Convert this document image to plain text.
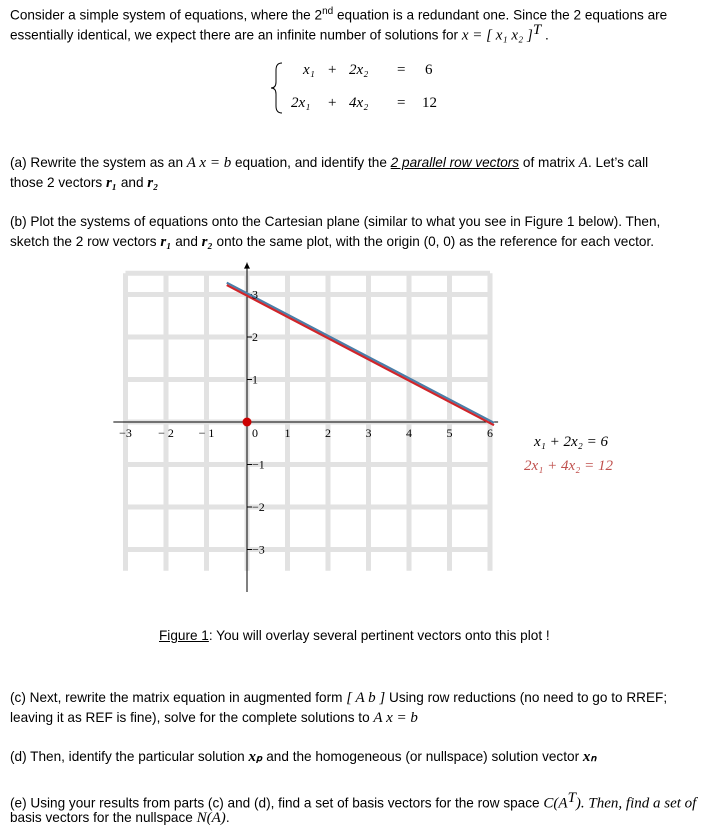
Consider a simple system of equations, where the 2nd equation is a redundant one. Since the 2 equations are
essentially identical, we expect there are an infinite number of solutions for x = [ x₁ x₂ ]$^T$ .
x₁ + 2x₂ = 6
2x₁ + 4x₂ = 12
(a) Rewrite the system as an A x = b equation, and identify the 2 parallel row vectors of matrix A. Let’s call
those 2 vectors r₁ and r₂
(b) Plot the systems of equations onto the Cartesian plane (similar to what you see in Figure 1 below). Then,
sketch the 2 row vectors r₁ and r₂ onto the same plot, with the origin (0, 0) as the reference for each vector.
−3 − 2 − 1	0 1	2	3	4	5	6
3
2
1
−1
−2
−3
x₁ + 2x₂ = 6
2x₁ + 4x₂ = 12
Figure 1: You will overlay several pertinent vectors onto this plot !
(c) Next, rewrite the matrix equation in augmented form [ A b ] Using row reductions (no need to go to RREF;
leaving it as REF is fine), solve for the complete solutions to A x = b
(d) Then, identify the particular solution xₚ and the homogeneous (or nullspace) solution vector xₙ
(e) Using your results from parts (c) and (d), find a set of basis vectors for the row space $C(A^T)$. Then, find a set of
basis vectors for the nullspace N(A).
